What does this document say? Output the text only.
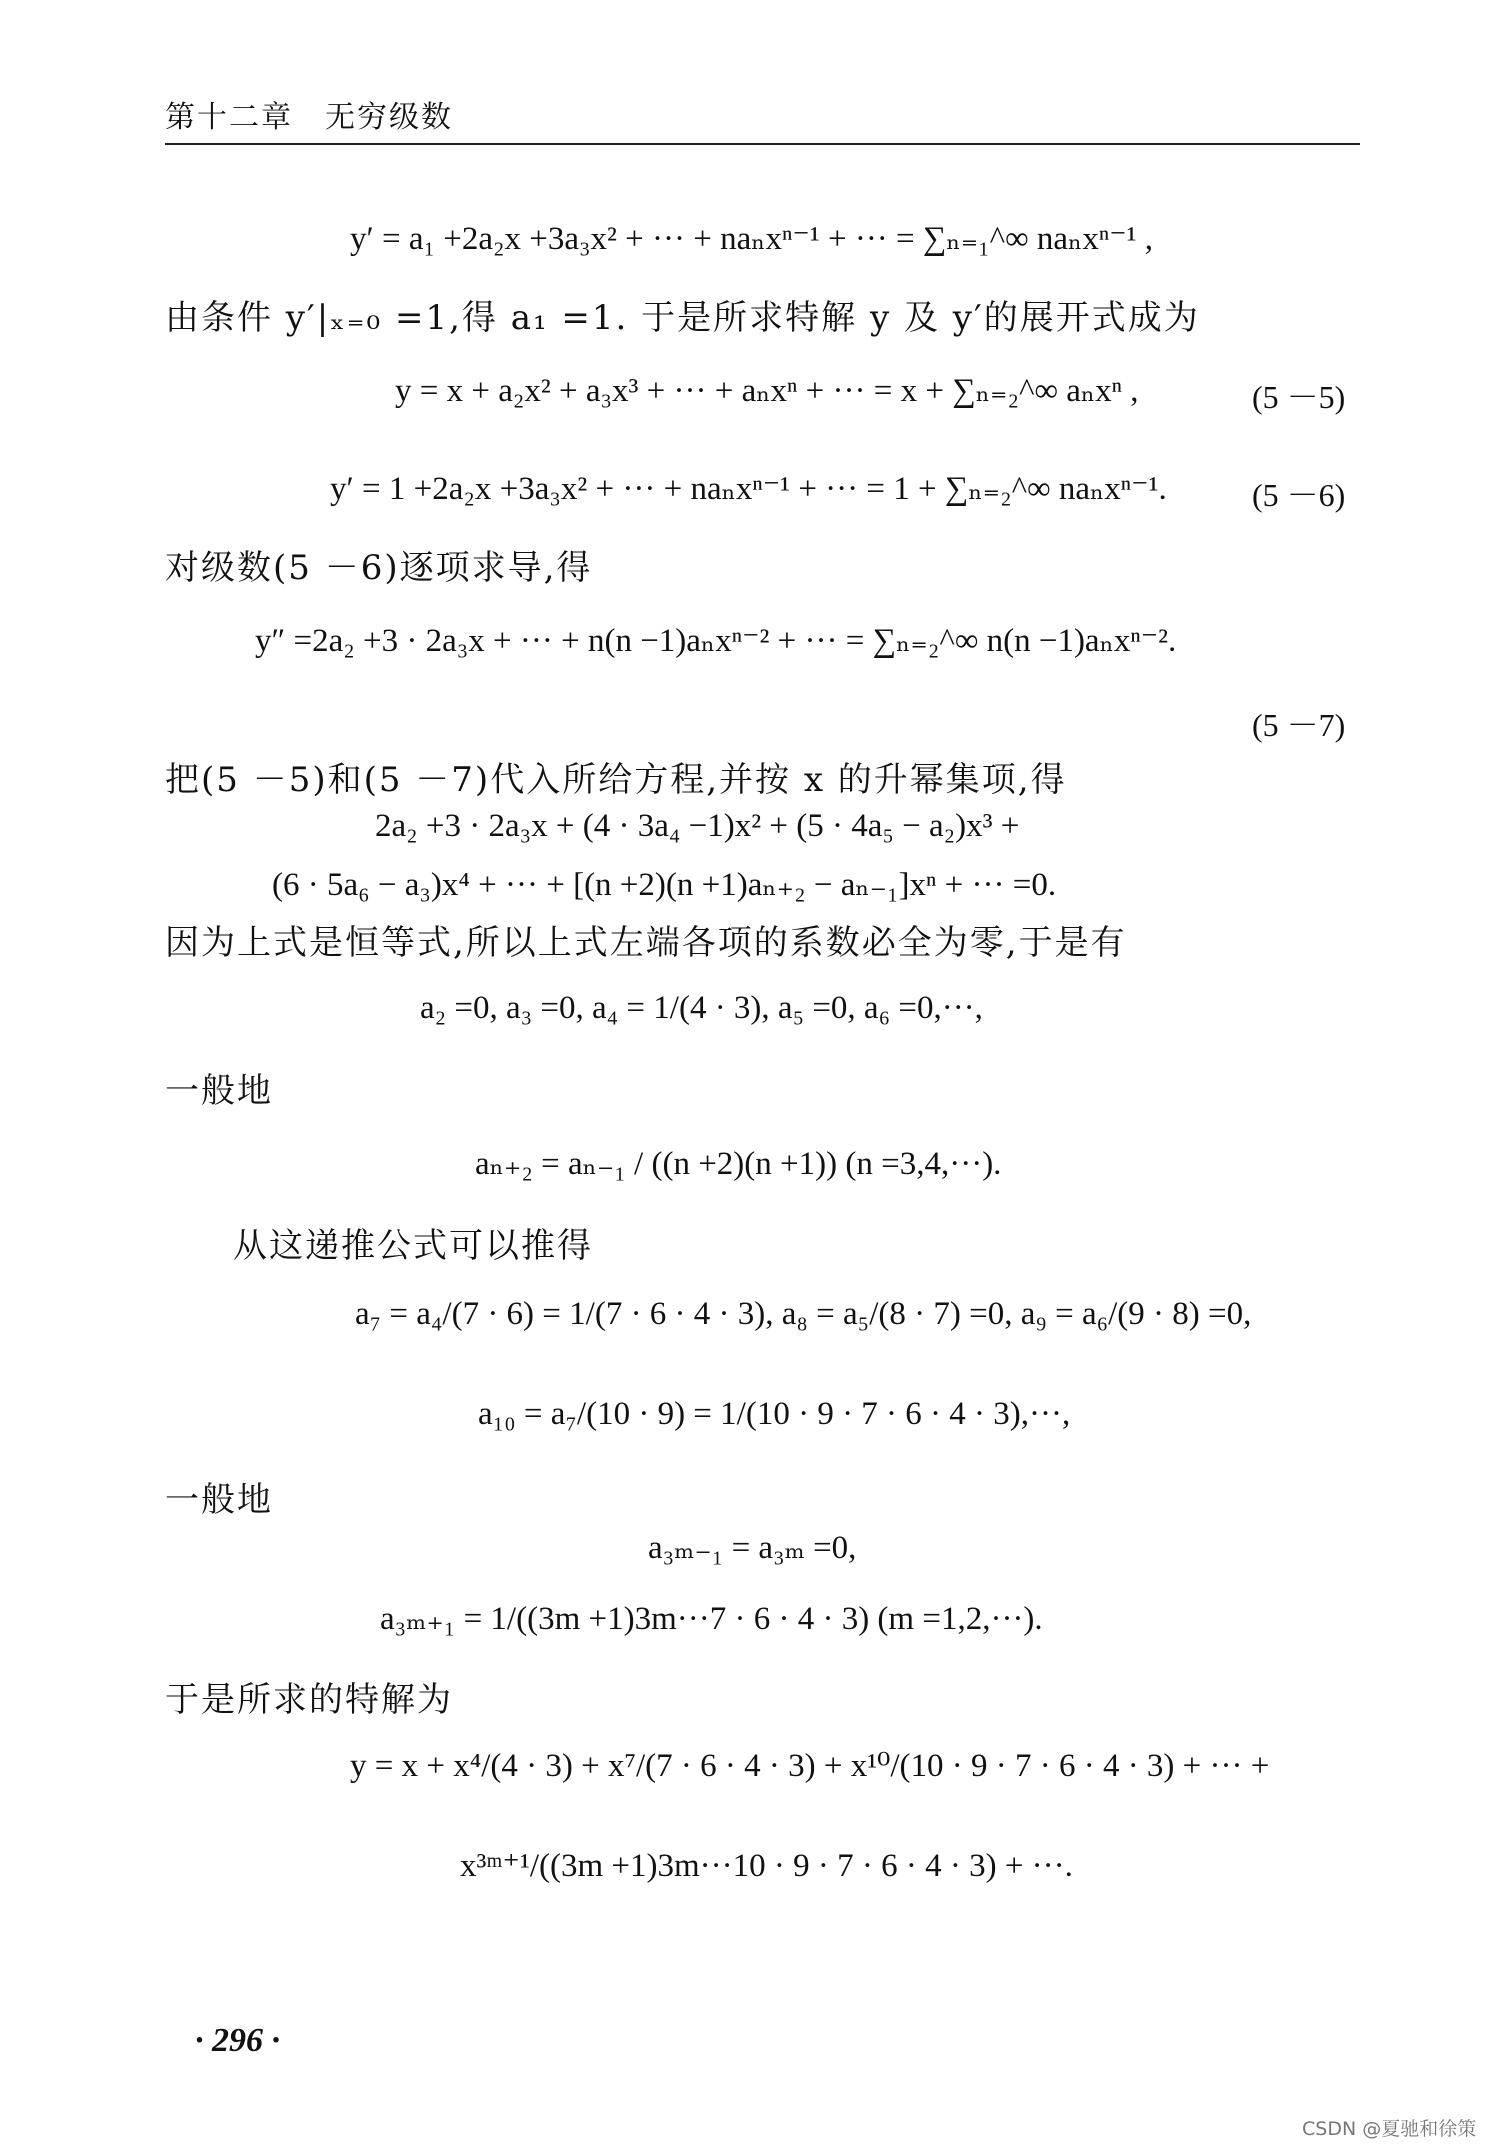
第十二章　无穷级数
y′ = a₁ +2a₂x +3a₃x² + ··· + naₙxⁿ⁻¹ + ··· = ∑ₙ₌₁^∞ naₙxⁿ⁻¹ ,
由条件 y′|ₓ₌₀ =1,得 a₁ =1. 于是所求特解 y 及 y′的展开式成为
y = x + a₂x² + a₃x³ + ··· + aₙxⁿ + ··· = x + ∑ₙ₌₂^∞ aₙxⁿ ,	(5 －5)
y′ = 1 +2a₂x +3a₃x² + ··· + naₙxⁿ⁻¹ + ··· = 1 + ∑ₙ₌₂^∞ naₙxⁿ⁻¹.	(5 －6)
对级数(5 －6)逐项求导,得
y″ =2a₂ +3 · 2a₃x + ··· + n(n −1)aₙxⁿ⁻² + ··· = ∑ₙ₌₂^∞ n(n −1)aₙxⁿ⁻².
(5 －7)
把(5 －5)和(5 －7)代入所给方程,并按 x 的升幂集项,得
2a₂ +3 · 2a₃x + (4 · 3a₄ −1)x² + (5 · 4a₅ − a₂)x³ +
(6 · 5a₆ − a₃)x⁴ + ··· + [(n +2)(n +1)aₙ₊₂ − aₙ₋₁]xⁿ + ··· =0.
因为上式是恒等式,所以上式左端各项的系数必全为零,于是有
a₂ =0, a₃ =0, a₄ = 1/(4 · 3), a₅ =0, a₆ =0,···,
一般地
aₙ₊₂ = aₙ₋₁ / ((n +2)(n +1)) (n =3,4,···).
从这递推公式可以推得
a₇ = a₄/(7 · 6) = 1/(7 · 6 · 4 · 3), a₈ = a₅/(8 · 7) =0, a₉ = a₆/(9 · 8) =0,
a₁₀ = a₇/(10 · 9) = 1/(10 · 9 · 7 · 6 · 4 · 3),···,
一般地
a₃ₘ₋₁ = a₃ₘ =0,
a₃ₘ₊₁ = 1/((3m +1)3m···7 · 6 · 4 · 3) (m =1,2,···).
于是所求的特解为
y = x + x⁴/(4 · 3) + x⁷/(7 · 6 · 4 · 3) + x¹⁰/(10 · 9 · 7 · 6 · 4 · 3) + ··· +
x³ᵐ⁺¹/((3m +1)3m···10 · 9 · 7 · 6 · 4 · 3) + ···.
· 296 ·
CSDN @夏驰和徐策
